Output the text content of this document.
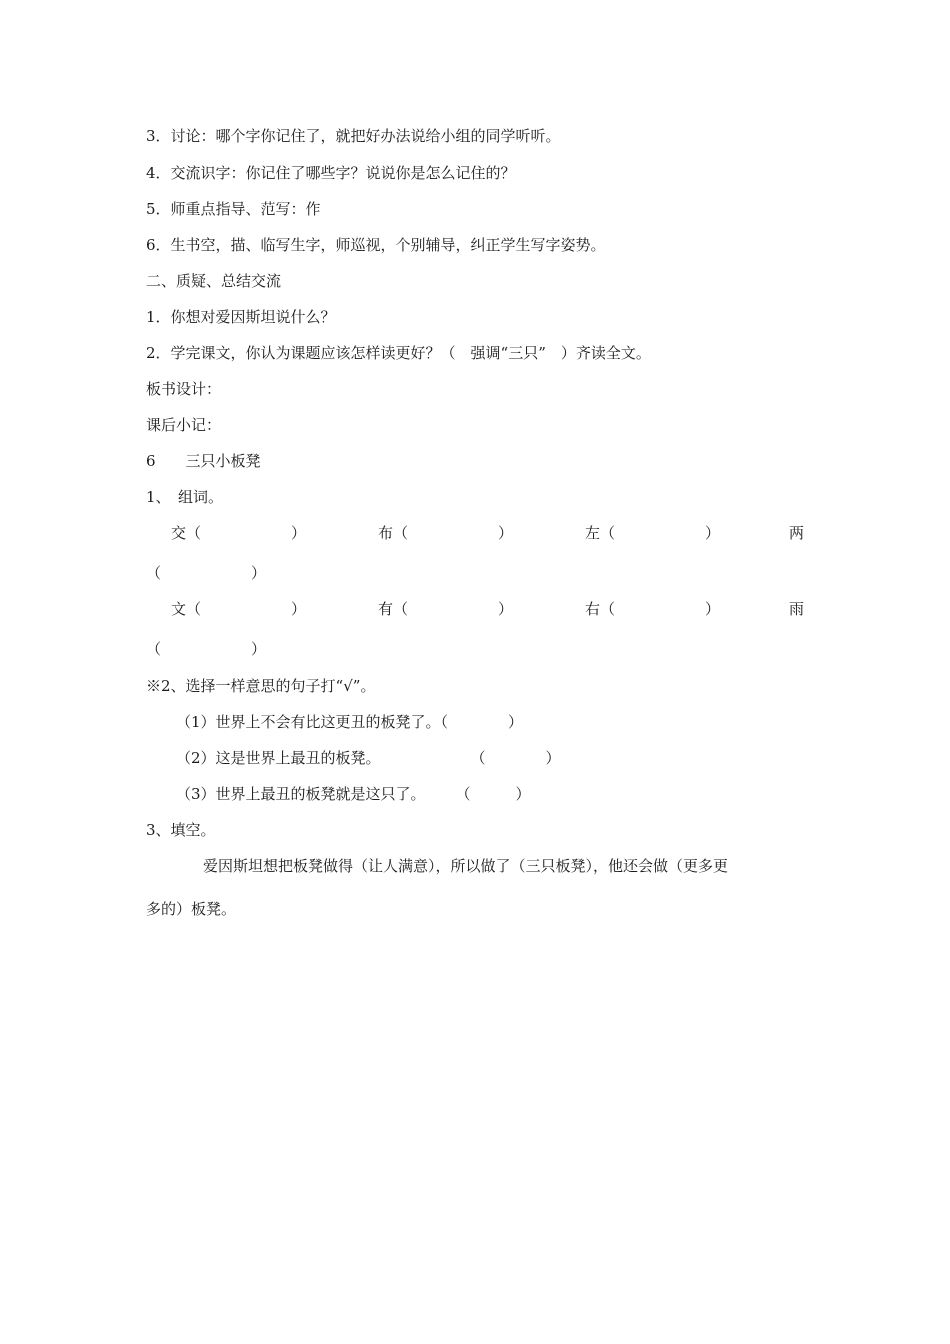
3．讨论：哪个字你记住了，就把好办法说给小组的同学听听。
4．交流识字：你记住了哪些字？说说你是怎么记住的？
5．师重点指导、范写：作
6．生书空，描、临写生字，师巡视，个别辅导，纠正学生写字姿势。
二、质疑、总结交流
1．你想对爱因斯坦说什么？
2．学完课文，你认为课题应该怎样读更好？（　强调“三只”　）齐读全文。
板书设计：
课后小记：
6　　三只小板凳
1、　组词。
交（　　　　　　）	布（　　　　　　）	左（　　　　　　）	两
（　　　　　　）
文（　　　　　　）	有（　　　　　　）	右（　　　　　　）	雨
（　　　　　　）
※2、选择一样意思的句子打“√”。
（1）世界上不会有比这更丑的板凳了。（　　　　）
（2）这是世界上最丑的板凳。　　　　　　　（　　　　）
（3）世界上最丑的板凳就是这只了。　　　（　　　）
3、填空。
爱因斯坦想把板凳做得（让人满意），所以做了（三只板凳），他还会做（更多更
多的）板凳。
